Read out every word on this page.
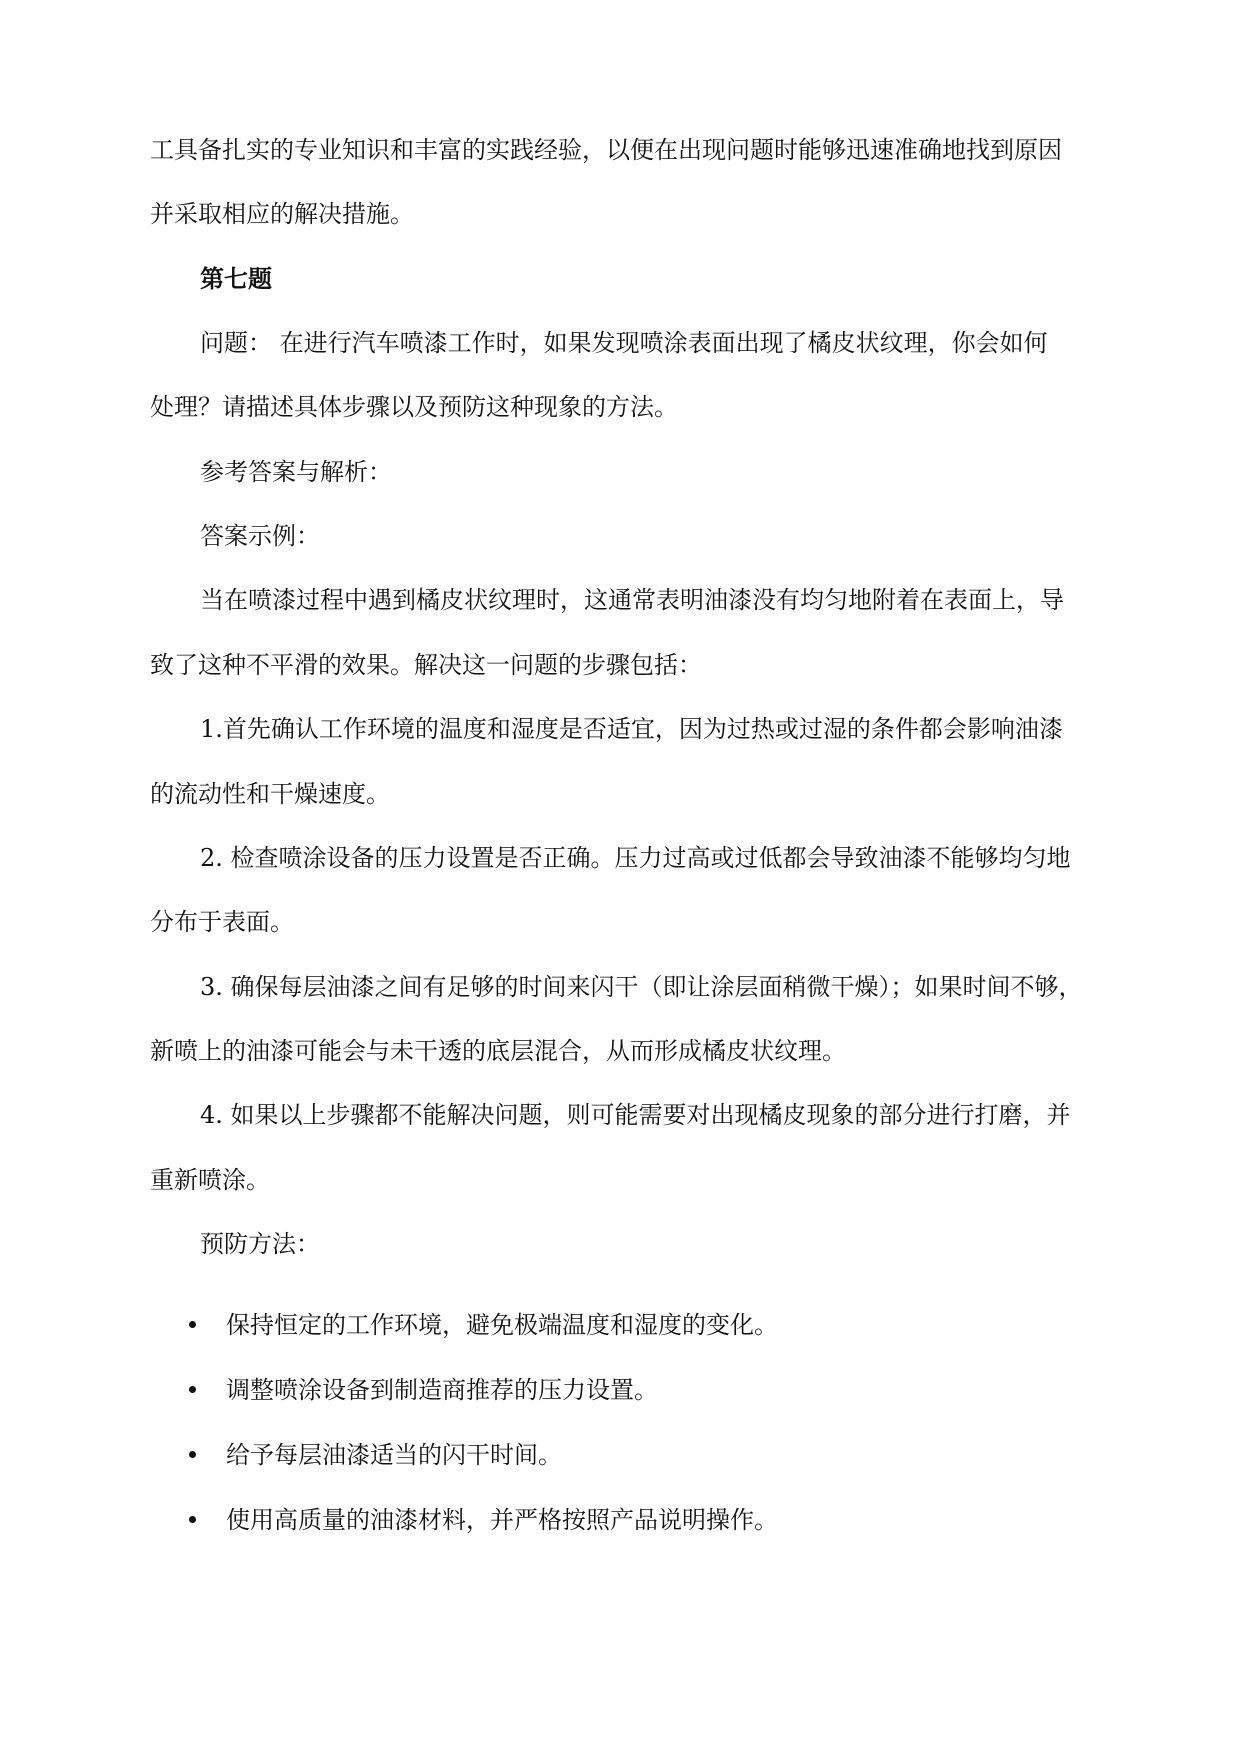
工具备扎实的专业知识和丰富的实践经验，以便在出现问题时能够迅速准确地找到原因
并采取相应的解决措施。
第七题
问题： 在进行汽车喷漆工作时，如果发现喷涂表面出现了橘皮状纹理，你会如何
处理？请描述具体步骤以及预防这种现象的方法。
参考答案与解析：
答案示例：
当在喷漆过程中遇到橘皮状纹理时，这通常表明油漆没有均匀地附着在表面上，导
致了这种不平滑的效果。解决这一问题的步骤包括：
1.首先确认工作环境的温度和湿度是否适宜，因为过热或过湿的条件都会影响油漆
的流动性和干燥速度。
2. 检查喷涂设备的压力设置是否正确。压力过高或过低都会导致油漆不能够均匀地
分布于表面。
3. 确保每层油漆之间有足够的时间来闪干（即让涂层面稍微干燥）；如果时间不够，
新喷上的油漆可能会与未干透的底层混合，从而形成橘皮状纹理。
4. 如果以上步骤都不能解决问题，则可能需要对出现橘皮现象的部分进行打磨，并
重新喷涂。
预防方法：
保持恒定的工作环境，避免极端温度和湿度的变化。
调整喷涂设备到制造商推荐的压力设置。
给予每层油漆适当的闪干时间。
使用高质量的油漆材料，并严格按照产品说明操作。
